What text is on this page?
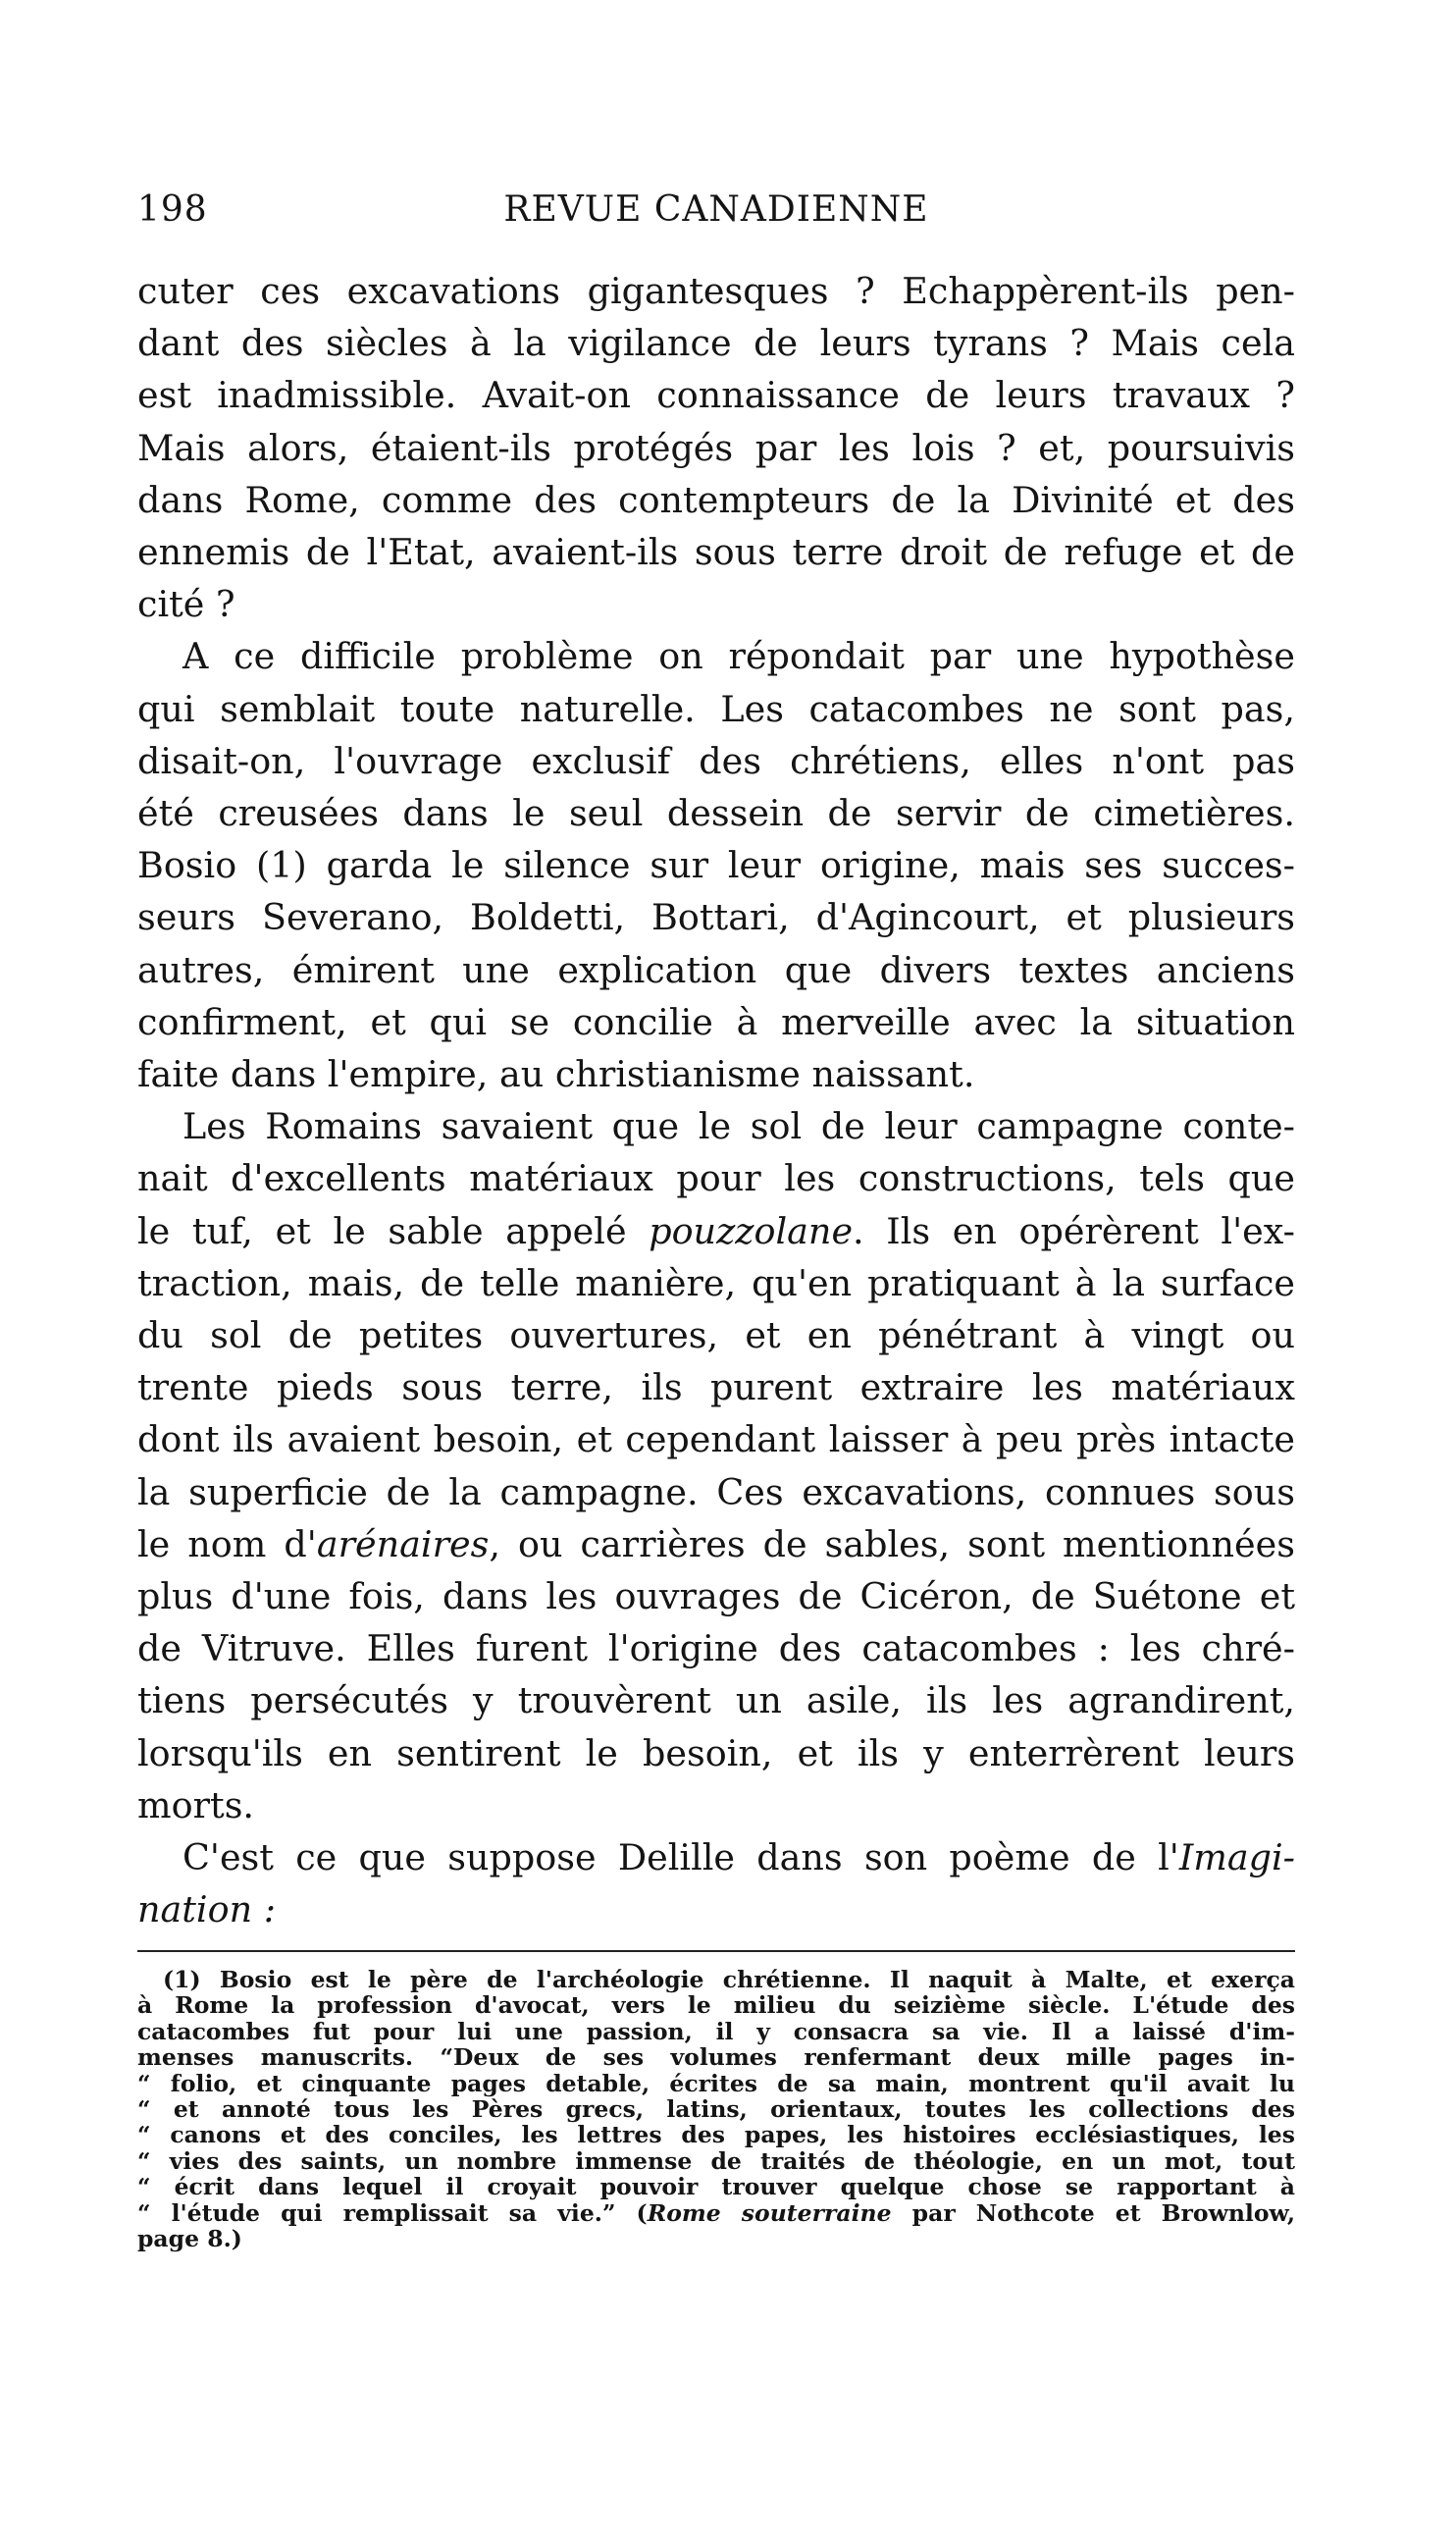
198	REVUE CANADIENNE
cuter ces excavations gigantesques ? Echappèrent-ils pen-
dant des siècles à la vigilance de leurs tyrans ? Mais cela
est inadmissible. Avait-on connaissance de leurs travaux ?
Mais alors, étaient-ils protégés par les lois ? et, poursuivis
dans Rome, comme des contempteurs de la Divinité et des
ennemis de l'Etat, avaient-ils sous terre droit de refuge et de
cité ?
A ce difficile problème on répondait par une hypothèse
qui semblait toute naturelle. Les catacombes ne sont pas,
disait-on, l'ouvrage exclusif des chrétiens, elles n'ont pas
été creusées dans le seul dessein de servir de cimetières.
Bosio (1) garda le silence sur leur origine, mais ses succes-
seurs Severano, Boldetti, Bottari, d'Agincourt, et plusieurs
autres, émirent une explication que divers textes anciens
confirment, et qui se concilie à merveille avec la situation
faite dans l'empire, au christianisme naissant.
Les Romains savaient que le sol de leur campagne conte-
nait d'excellents matériaux pour les constructions, tels que
le tuf, et le sable appelé pouzzolane. Ils en opérèrent l'ex-
traction, mais, de telle manière, qu'en pratiquant à la surface
du sol de petites ouvertures, et en pénétrant à vingt ou
trente pieds sous terre, ils purent extraire les matériaux
dont ils avaient besoin, et cependant laisser à peu près intacte
la superficie de la campagne. Ces excavations, connues sous
le nom d'arénaires, ou carrières de sables, sont mentionnées
plus d'une fois, dans les ouvrages de Cicéron, de Suétone et
de Vitruve. Elles furent l'origine des catacombes : les chré-
tiens persécutés y trouvèrent un asile, ils les agrandirent,
lorsqu'ils en sentirent le besoin, et ils y enterrèrent leurs
morts.
C'est ce que suppose Delille dans son poème de l'Imagi-
nation :
(1) Bosio est le père de l'archéologie chrétienne. Il naquit à Malte, et exerça
à Rome la profession d'avocat, vers le milieu du seizième siècle. L'étude des
catacombes fut pour lui une passion, il y consacra sa vie. Il a laissé d'im-
menses manuscrits. “Deux de ses volumes renfermant deux mille pages in-
“ folio, et cinquante pages detable, écrites de sa main, montrent qu'il avait lu
“ et annoté tous les Pères grecs, latins, orientaux, toutes les collections des
“ canons et des conciles, les lettres des papes, les histoires ecclésiastiques, les
“ vies des saints, un nombre immense de traités de théologie, en un mot, tout
“ écrit dans lequel il croyait pouvoir trouver quelque chose se rapportant à
“ l'étude qui remplissait sa vie.” (Rome souterraine par Nothcote et Brownlow,
page 8.)
